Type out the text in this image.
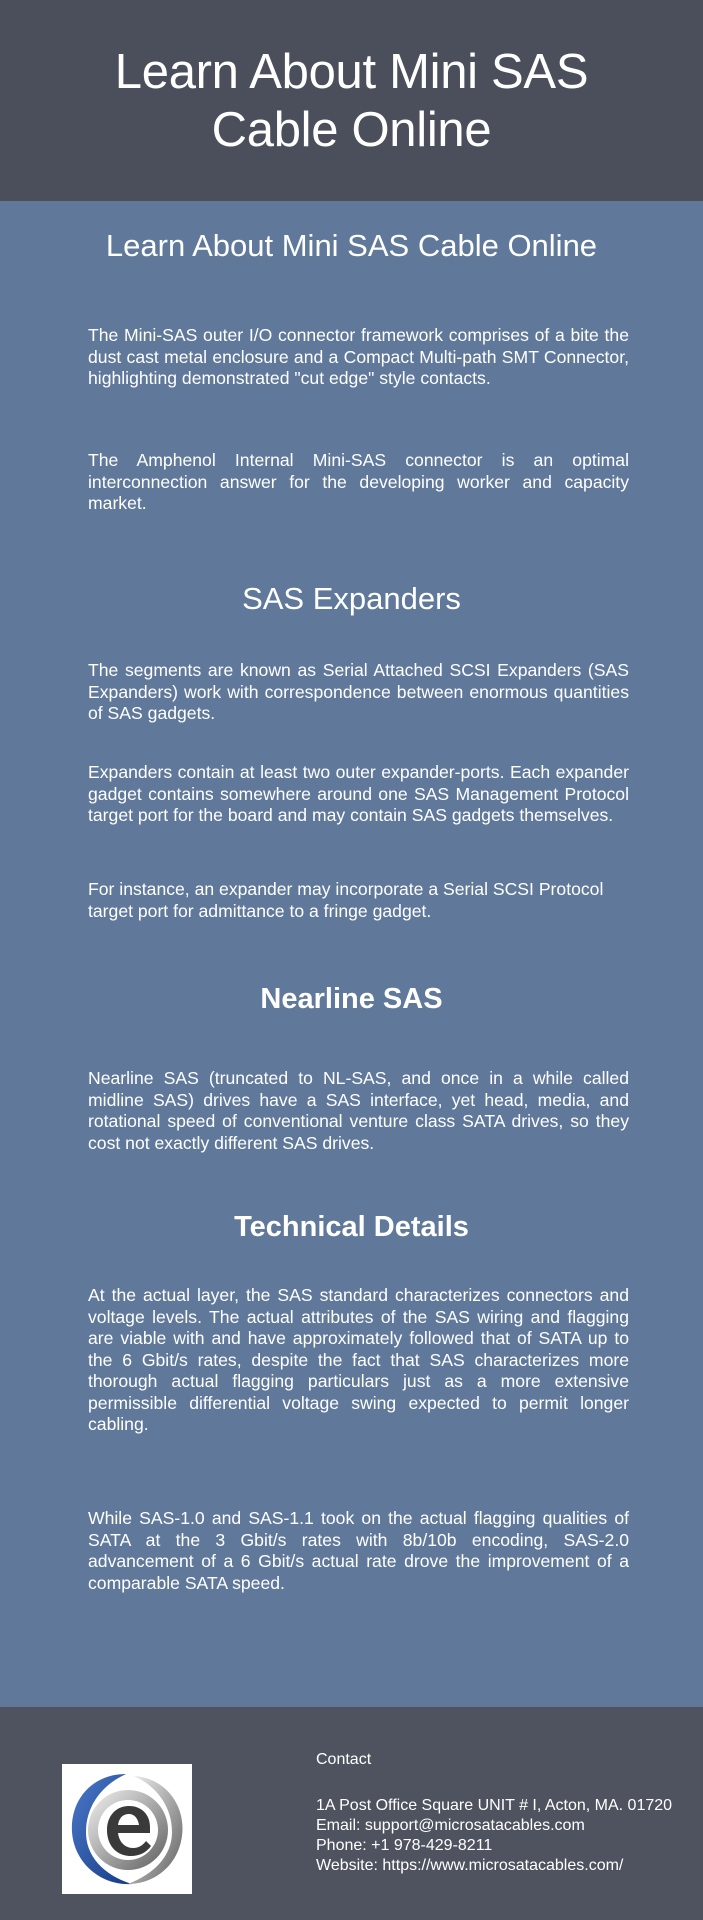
Learn About Mini SAS Cable Online
Learn About Mini SAS Cable Online

The Mini-SAS outer I/O connector framework comprises of a bite the dust cast metal enclosure and a Compact Multi-path SMT Connector, highlighting demonstrated "cut edge" style contacts.

The Amphenol Internal Mini-SAS connector is an optimal interconnection answer for the developing worker and capacity market.

SAS Expanders

The segments are known as Serial Attached SCSI Expanders (SAS Expanders) work with correspondence between enormous quantities of SAS gadgets.

Expanders contain at least two outer expander-ports. Each expander gadget contains somewhere around one SAS Management Protocol target port for the board and may contain SAS gadgets themselves.

For instance, an expander may incorporate a Serial SCSI Protocol target port for admittance to a fringe gadget.

Nearline SAS

Nearline SAS (truncated to NL-SAS, and once in a while called midline SAS) drives have a SAS interface, yet head, media, and rotational speed of conventional venture class SATA drives, so they cost not exactly different SAS drives.

Technical Details

At the actual layer, the SAS standard characterizes connectors and voltage levels. The actual attributes of the SAS wiring and flagging are viable with and have approximately followed that of SATA up to the 6 Gbit/s rates, despite the fact that SAS characterizes more thorough actual flagging particulars just as a more extensive permissible differential voltage swing expected to permit longer cabling.

While SAS-1.0 and SAS-1.1 took on the actual flagging qualities of SATA at the 3 Gbit/s rates with 8b/10b encoding, SAS-2.0 advancement of a 6 Gbit/s actual rate drove the improvement of a comparable SATA speed.

Contact

1A Post Office Square UNIT # I, Acton, MA. 01720

Email: support@microsatacables.com

Phone: +1 978-429-8211

Website: https://www.microsatacables.com/
